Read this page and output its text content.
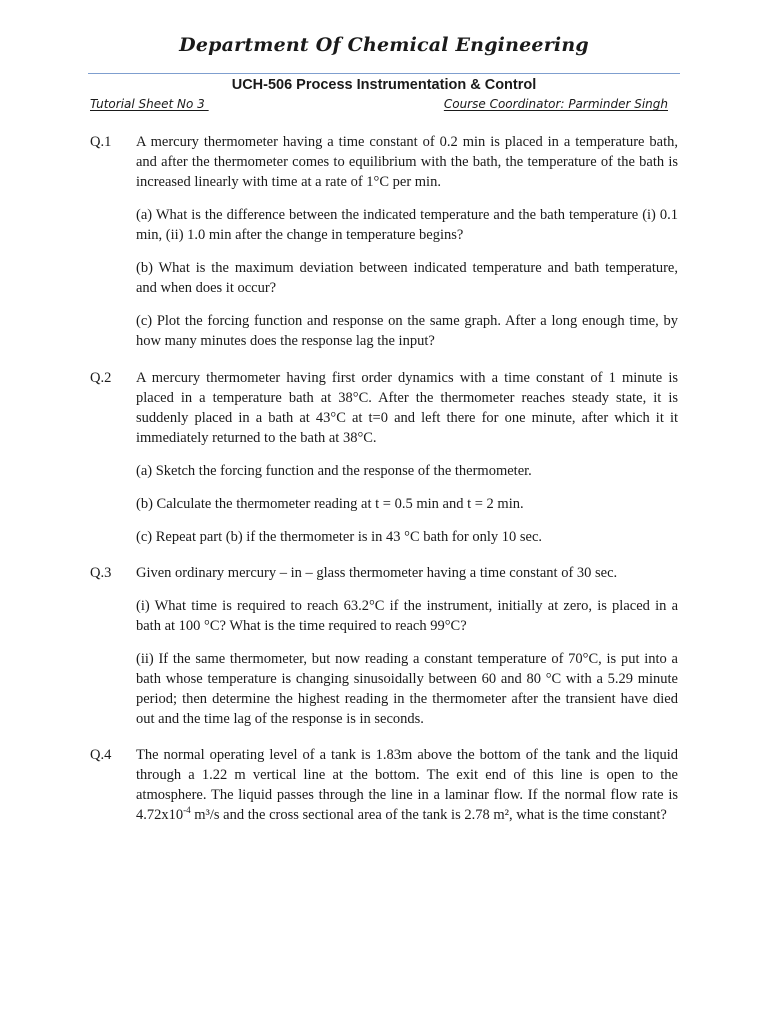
Department Of Chemical Engineering
UCH-506 Process Instrumentation & Control
Tutorial Sheet No 3	Course Coordinator: Parminder Singh
Q.1 A mercury thermometer having a time constant of 0.2 min is placed in a temperature bath, and after the thermometer comes to equilibrium with the bath, the temperature of the bath is increased linearly with time at a rate of 1°C per min.

(a) What is the difference between the indicated temperature and the bath temperature (i) 0.1 min, (ii) 1.0 min after the change in temperature begins?

(b) What is the maximum deviation between indicated temperature and bath temperature, and when does it occur?

(c) Plot the forcing function and response on the same graph. After a long enough time, by how many minutes does the response lag the input?

Q.2 A mercury thermometer having first order dynamics with a time constant of 1 minute is placed in a temperature bath at 38°C. After the thermometer reaches steady state, it is suddenly placed in a bath at 43°C at t=0 and left there for one minute, after which it it immediately returned to the bath at 38°C.

(a) Sketch the forcing function and the response of the thermometer.

(b) Calculate the thermometer reading at t = 0.5 min and t = 2 min.

(c) Repeat part (b) if the thermometer is in 43 °C bath for only 10 sec.

Q.3 Given ordinary mercury – in – glass thermometer having a time constant of 30 sec.

(i) What time is required to reach 63.2°C if the instrument, initially at zero, is placed in a bath at 100 °C? What is the time required to reach 99°C?

(ii) If the same thermometer, but now reading a constant temperature of 70°C, is put into a bath whose temperature is changing sinusoidally between 60 and 80 °C with a 5.29 minute period; then determine the highest reading in the thermometer after the transient have died out and the time lag of the response is in seconds.

Q.4 The normal operating level of a tank is 1.83m above the bottom of the tank and the liquid through a 1.22 m vertical line at the bottom. The exit end of this line is open to the atmosphere. The liquid passes through the line in a laminar flow. If the normal flow rate is $4.72x10^{-4}$ m³/s and the cross sectional area of the tank is 2.78 m², what is the time constant?
